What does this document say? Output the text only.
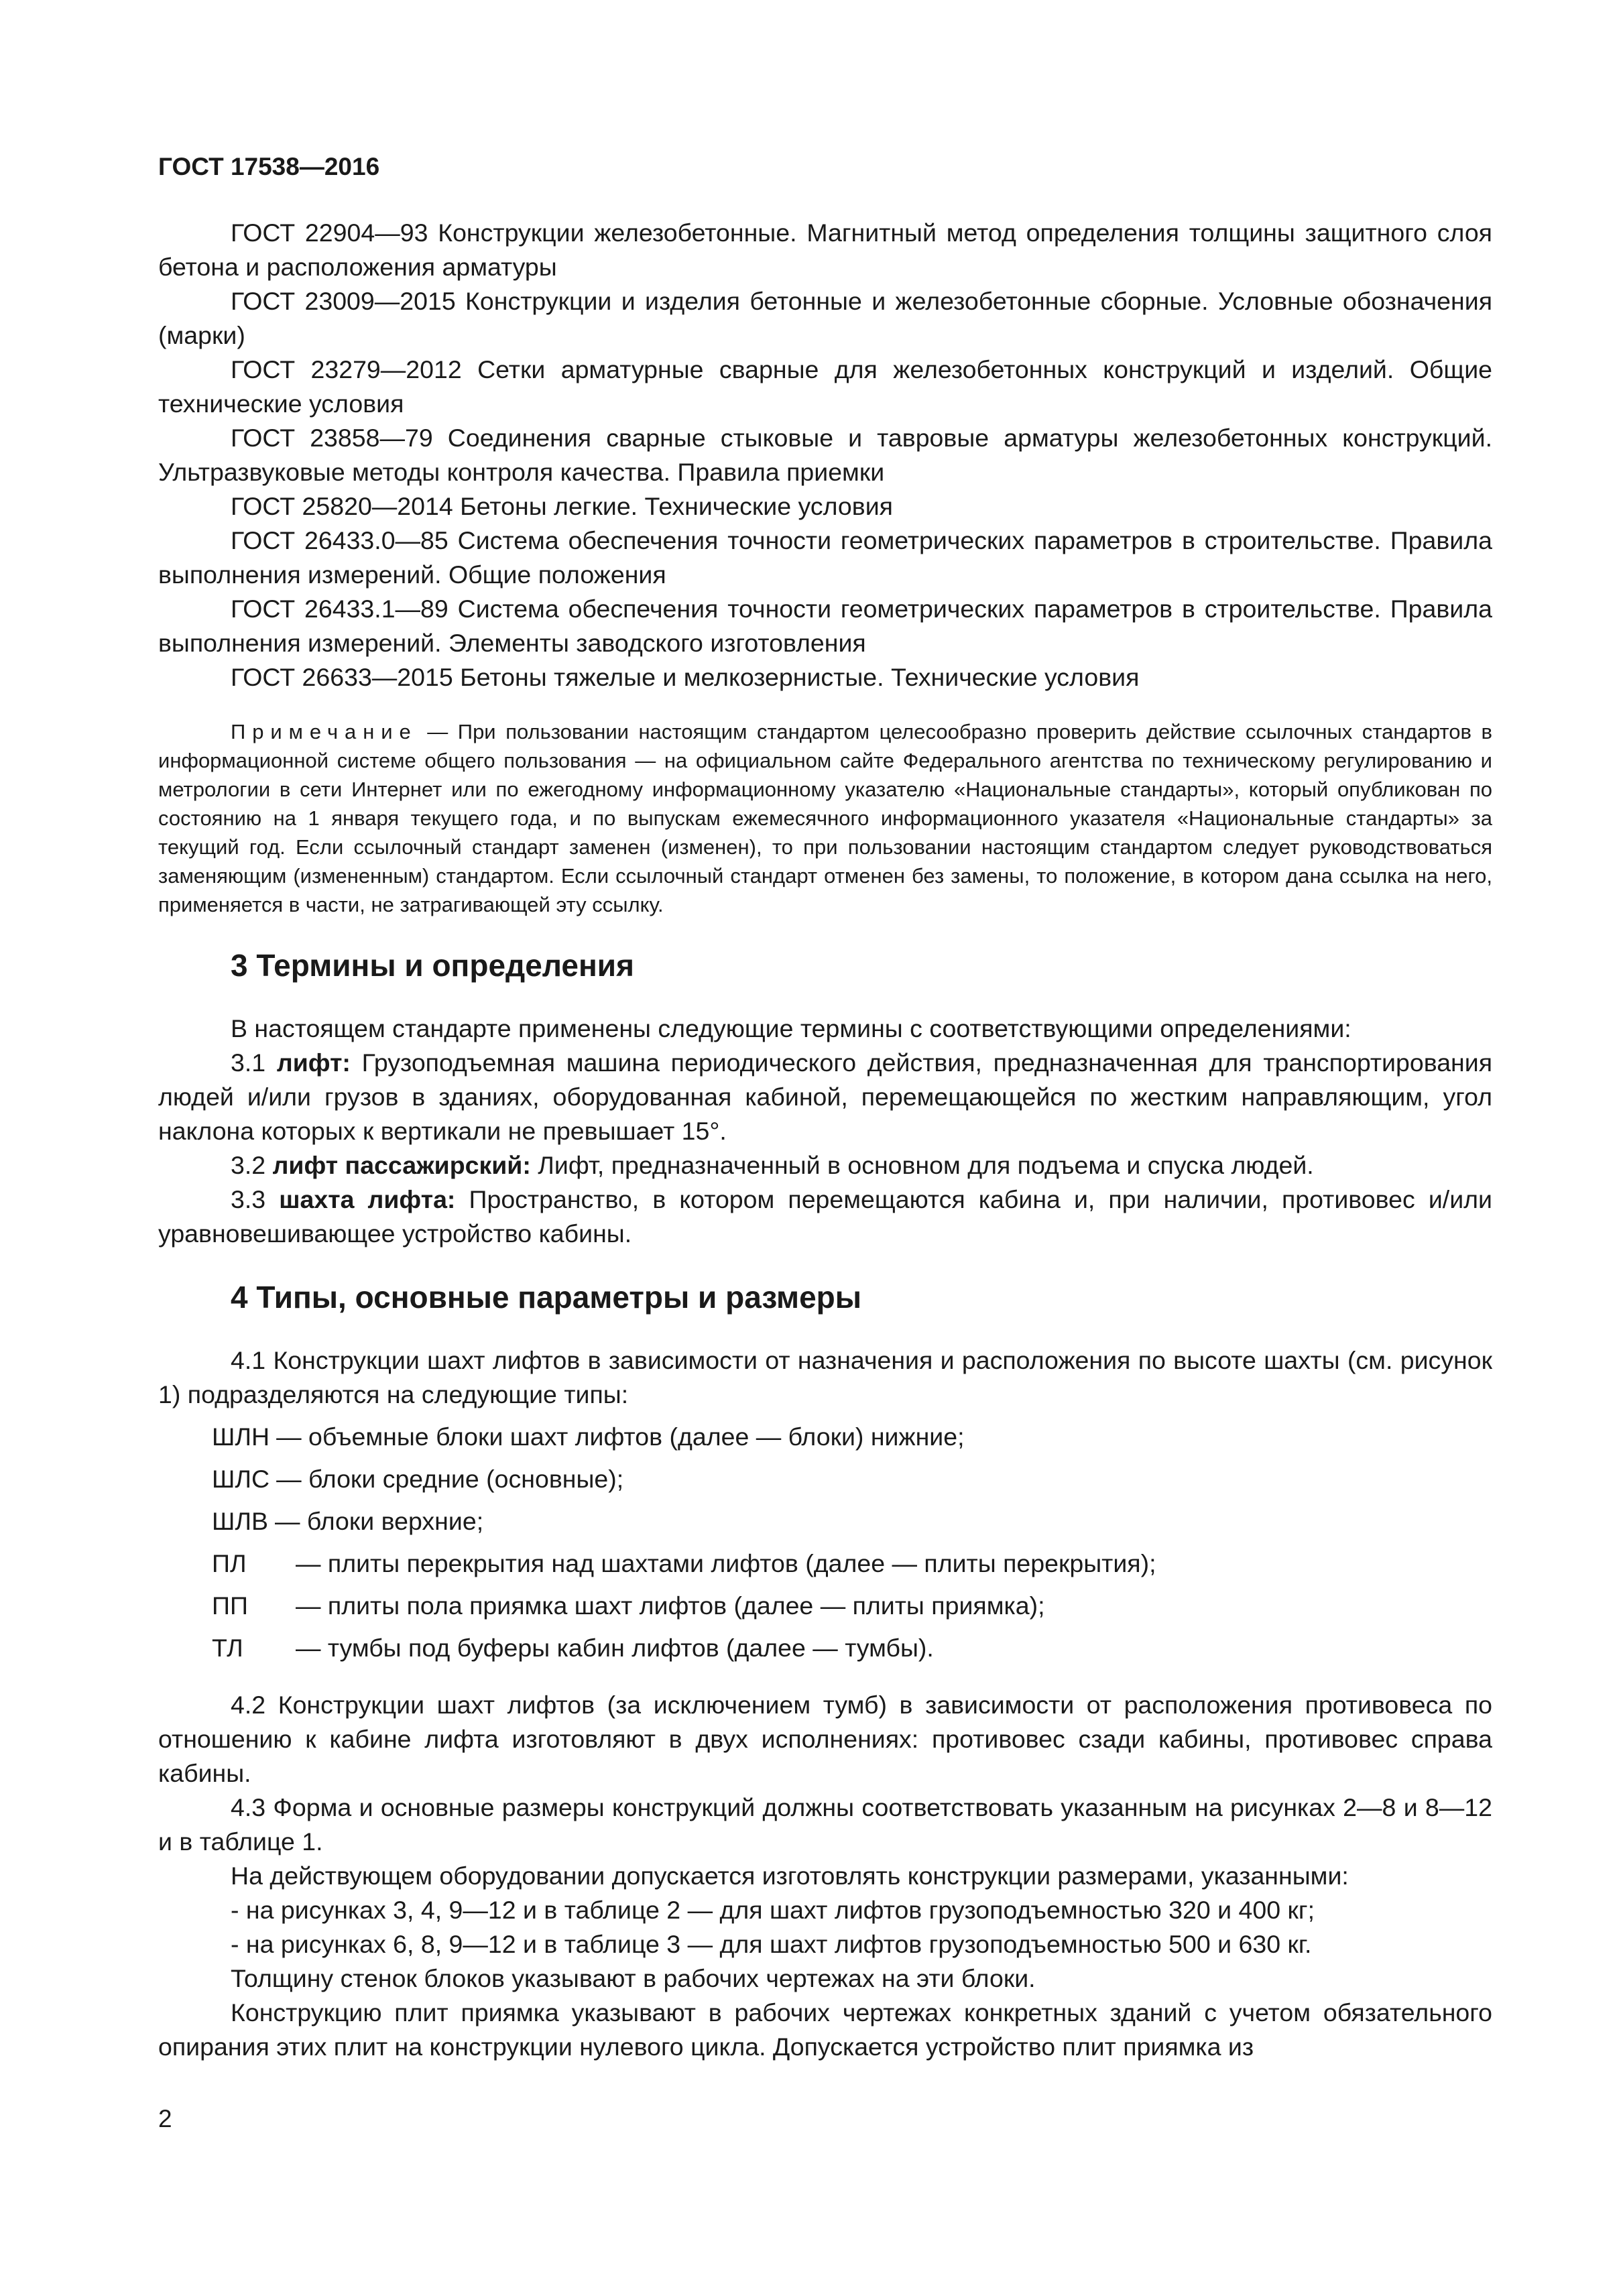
ГОСТ 17538—2016

ГОСТ 22904—93 Конструкции железобетонные. Магнитный метод определения толщины защитного слоя бетона и расположения арматуры

ГОСТ 23009—2015 Конструкции и изделия бетонные и железобетонные сборные. Условные обозначения (марки)

ГОСТ 23279—2012 Сетки арматурные сварные для железобетонных конструкций и изделий. Общие технические условия

ГОСТ 23858—79 Соединения сварные стыковые и тавровые арматуры железобетонных конструкций. Ультразвуковые методы контроля качества. Правила приемки

ГОСТ 25820—2014 Бетоны легкие. Технические условия

ГОСТ 26433.0—85 Система обеспечения точности геометрических параметров в строительстве. Правила выполнения измерений. Общие положения

ГОСТ 26433.1—89 Система обеспечения точности геометрических параметров в строительстве. Правила выполнения измерений. Элементы заводского изготовления

ГОСТ 26633—2015 Бетоны тяжелые и мелкозернистые. Технические условия

Примечание — При пользовании настоящим стандартом целесообразно проверить действие ссылочных стандартов в информационной системе общего пользования — на официальном сайте Федерального агентства по техническому регулированию и метрологии в сети Интернет или по ежегодному информационному указателю «Национальные стандарты», который опубликован по состоянию на 1 января текущего года, и по выпускам ежемесячного информационного указателя «Национальные стандарты» за текущий год. Если ссылочный стандарт заменен (изменен), то при пользовании настоящим стандартом следует руководствоваться заменяющим (измененным) стандартом. Если ссылочный стандарт отменен без замены, то положение, в котором дана ссылка на него, применяется в части, не затрагивающей эту ссылку.

3 Термины и определения

В настоящем стандарте применены следующие термины с соответствующими определениями:

3.1 лифт: Грузоподъемная машина периодического действия, предназначенная для транспортирования людей и/или грузов в зданиях, оборудованная кабиной, перемещающейся по жестким направляющим, угол наклона которых к вертикали не превышает 15°.

3.2 лифт пассажирский: Лифт, предназначенный в основном для подъема и спуска людей.

3.3 шахта лифта: Пространство, в котором перемещаются кабина и, при наличии, противовес и/или уравновешивающее устройство кабины.

4 Типы, основные параметры и размеры

4.1 Конструкции шахт лифтов в зависимости от назначения и расположения по высоте шахты (см. рисунок 1) подразделяются на следующие типы:

ШЛН — объемные блоки шахт лифтов (далее — блоки) нижние;
ШЛС — блоки средние (основные);
ШЛВ — блоки верхние;
ПЛ	— плиты перекрытия над шахтами лифтов (далее — плиты перекрытия);
ПП	— плиты пола приямка шахт лифтов (далее — плиты приямка);
ТЛ	— тумбы под буферы кабин лифтов (далее — тумбы).

4.2 Конструкции шахт лифтов (за исключением тумб) в зависимости от расположения противовеса по отношению к кабине лифта изготовляют в двух исполнениях: противовес сзади кабины, противовес справа кабины.

4.3 Форма и основные размеры конструкций должны соответствовать указанным на рисунках 2—8 и 8—12 и в таблице 1.

На действующем оборудовании допускается изготовлять конструкции размерами, указанными:

- на рисунках 3, 4, 9—12 и в таблице 2 — для шахт лифтов грузоподъемностью 320 и 400 кг;

- на рисунках 6, 8, 9—12 и в таблице 3 — для шахт лифтов грузоподъемностью 500 и 630 кг.

Толщину стенок блоков указывают в рабочих чертежах на эти блоки.

Конструкцию плит приямка указывают в рабочих чертежах конкретных зданий с учетом обязательного опирания этих плит на конструкции нулевого цикла. Допускается устройство плит приямка из

2
